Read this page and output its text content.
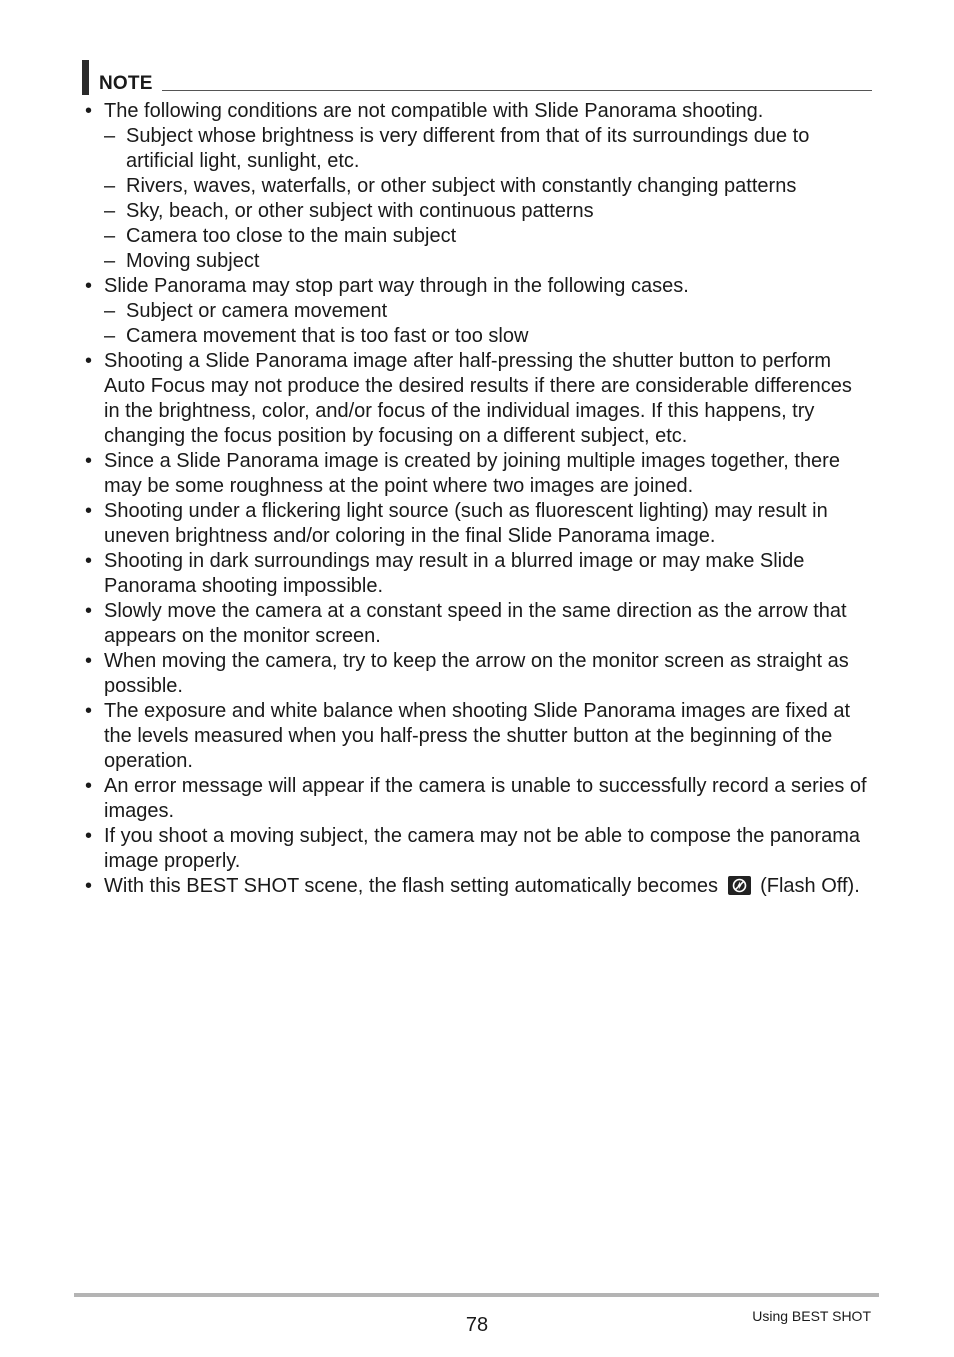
NOTE
• The following conditions are not compatible with Slide Panorama shooting.
– Subject whose brightness is very different from that of its surroundings due to artificial light, sunlight, etc.
– Rivers, waves, waterfalls, or other subject with constantly changing patterns
– Sky, beach, or other subject with continuous patterns
– Camera too close to the main subject
– Moving subject
• Slide Panorama may stop part way through in the following cases.
– Subject or camera movement
– Camera movement that is too fast or too slow
• Shooting a Slide Panorama image after half-pressing the shutter button to perform Auto Focus may not produce the desired results if there are considerable differences in the brightness, color, and/or focus of the individual images. If this happens, try changing the focus position by focusing on a different subject, etc.
• Since a Slide Panorama image is created by joining multiple images together, there may be some roughness at the point where two images are joined.
• Shooting under a flickering light source (such as fluorescent lighting) may result in uneven brightness and/or coloring in the final Slide Panorama image.
• Shooting in dark surroundings may result in a blurred image or may make Slide Panorama shooting impossible.
• Slowly move the camera at a constant speed in the same direction as the arrow that appears on the monitor screen.
• When moving the camera, try to keep the arrow on the monitor screen as straight as possible.
• The exposure and white balance when shooting Slide Panorama images are fixed at the levels measured when you half-press the shutter button at the beginning of the operation.
• An error message will appear if the camera is unable to successfully record a series of images.
• If you shoot a moving subject, the camera may not be able to compose the panorama image properly.
• With this BEST SHOT scene, the flash setting automatically becomes (Flash Off).
78	Using BEST SHOT
